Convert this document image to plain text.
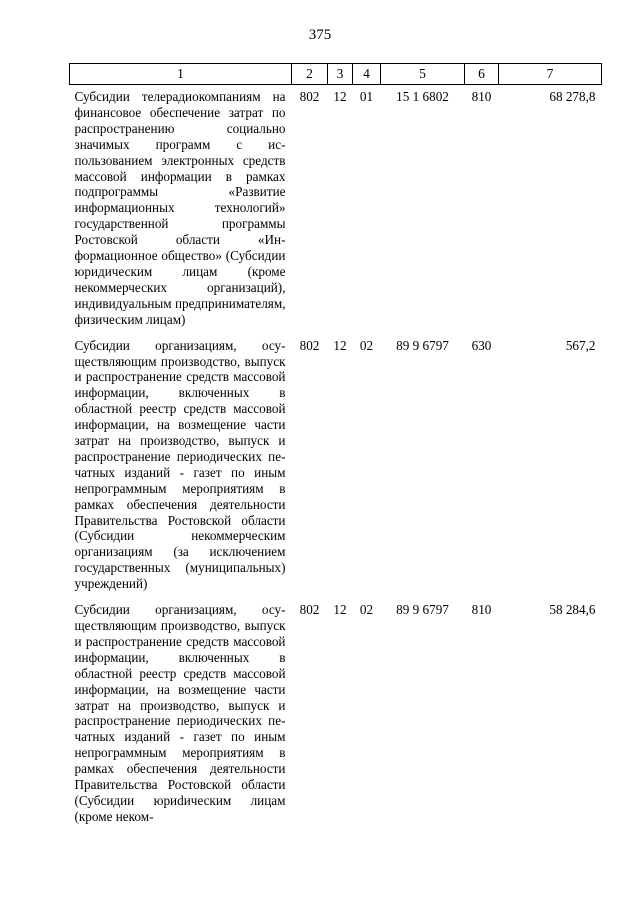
375
1	2	3	4	5	6	7
Субсидии телерадиокомпаниям на финансовое обеспечение затрат по распространению социально значимых программ с использованием электронных средств массовой информации в рамках подпрограммы «Развитие информационных технологий» государственной программы Ростовской области «Информационное общество» (Субсидии юридическим лицам (кроме некоммерческих организаций), индивидуальным предпринимателям, физическим лицам)	802	12	01	15 1 6802	810	68 278,8
Субсидии организациям, осуществляющим производство, выпуск и распространение средств массовой информации, включенных в областной реестр средств массовой информации, на возмещение части затрат на производство, выпуск и распространение периодических печатных изданий - газет по иным непрограммным мероприятиям в рамках обеспечения деятельности Правительства Ростовской области (Субсидии некоммерческим организациям (за исключением государственных (муниципальных) учреждений)	802	12	02	89 9 6797	630	567,2
Субсидии организациям, осуществляющим производство, выпуск и распространение средств массовой информации, включенных в областной реестр средств массовой информации, на возмещение части затрат на производство, выпуск и распространение периодических печатных изданий - газет по иным непрограммным мероприятиям в рамках обеспечения деятельности Правительства Ростовской области (Субсидии юриdическим лицам (кроме неком-	802	12	02	89 9 6797	810	58 284,6
